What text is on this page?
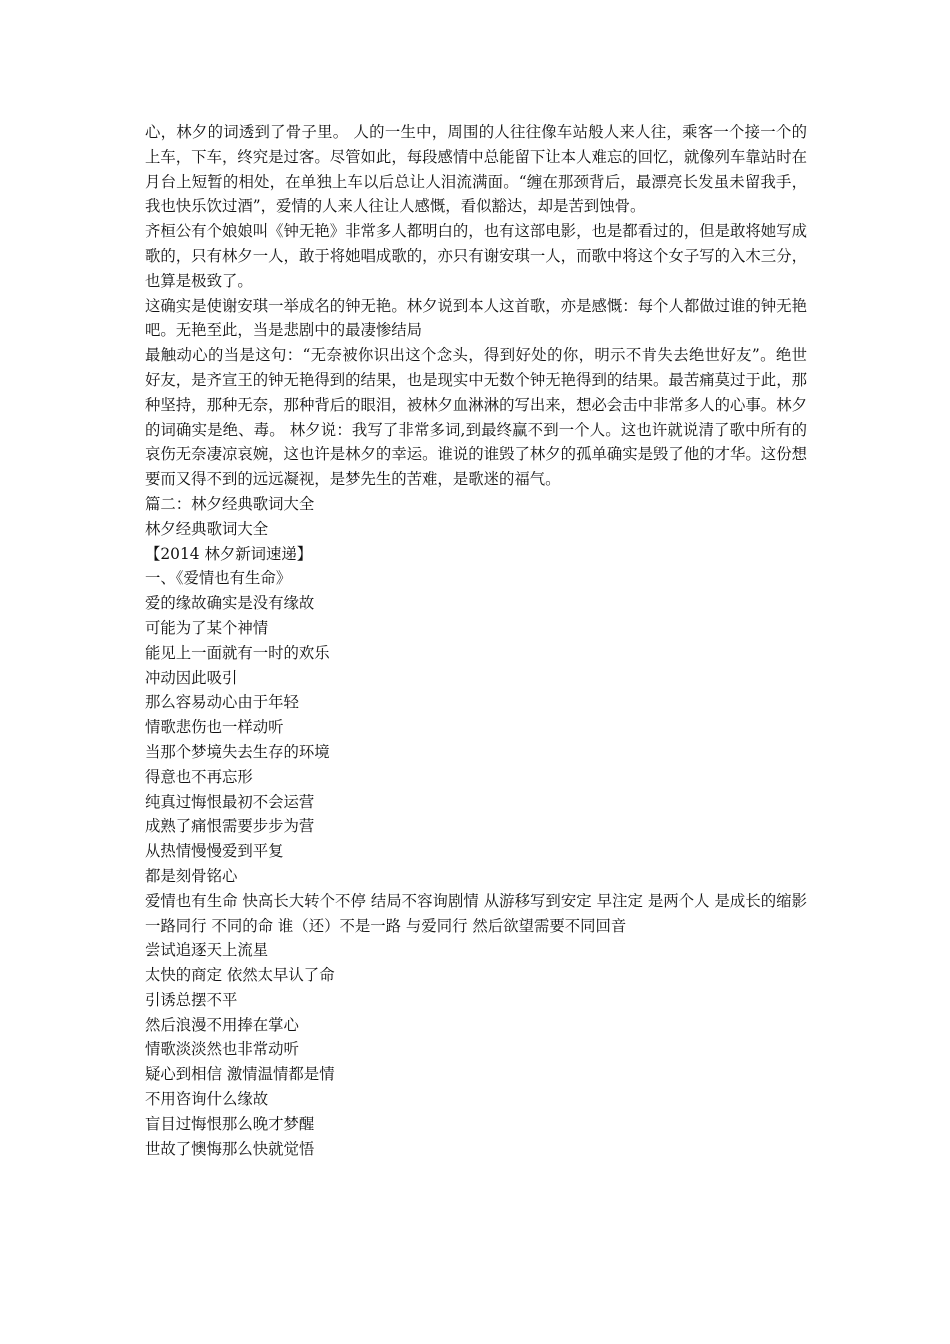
心，林夕的词透到了骨子里。 人的一生中，周围的人往往像车站般人来人往，乘客一个接一个的上车，下车，终究是过客。尽管如此，每段感情中总能留下让本人难忘的回忆，就像列车靠站时在月台上短暂的相处，在单独上车以后总让人泪流满面。“缠在那颈背后，最漂亮长发虽未留我手，我也快乐饮过酒”，爱情的人来人往让人感慨，看似豁达，却是苦到蚀骨。

齐桓公有个娘娘叫《钟无艳》非常多人都明白的，也有这部电影，也是都看过的，但是敢将她写成歌的，只有林夕一人，敢于将她唱成歌的，亦只有谢安琪一人，而歌中将这个女子写的入木三分，也算是极致了。

这确实是使谢安琪一举成名的钟无艳。林夕说到本人这首歌，亦是感慨：每个人都做过谁的钟无艳吧。无艳至此，当是悲剧中的最凄惨结局

最触动心的当是这句：“无奈被你识出这个念头，得到好处的你，明示不肯失去绝世好友”。绝世好友，是齐宣王的钟无艳得到的结果，也是现实中无数个钟无艳得到的结果。最苦痛莫过于此，那种坚持，那种无奈，那种背后的眼泪，被林夕血淋淋的写出来，想必会击中非常多人的心事。林夕的词确实是绝、毒。 林夕说：我写了非常多词,到最终赢不到一个人。这也许就说清了歌中所有的哀伤无奈凄凉哀婉，这也许是林夕的幸运。谁说的谁毁了林夕的孤单确实是毁了他的才华。这份想要而又得不到的远远凝视，是梦先生的苦难，是歌迷的福气。

篇二：林夕经典歌词大全

林夕经典歌词大全

【2014 林夕新词速递】

一、《爱情也有生命》

爱的缘故确实是没有缘故

可能为了某个神情

能见上一面就有一时的欢乐

冲动因此吸引

那么容易动心由于年轻

情歌悲伤也一样动听

当那个梦境失去生存的环境

得意也不再忘形

纯真过悔恨最初不会运营

成熟了痛恨需要步步为营

从热情慢慢爱到平复

都是刻骨铭心

爱情也有生命 快高长大转个不停 结局不容询剧情 从游移写到安定 早注定 是两个人 是成长的缩影 一路同行 不同的命 谁（还）不是一路 与爱同行 然后欲望需要不同回音

尝试追逐天上流星

太快的商定 依然太早认了命

引诱总摆不平

然后浪漫不用捧在掌心

情歌淡淡然也非常动听

疑心到相信 激情温情都是情

不用咨询什么缘故

盲目过悔恨那么晚才梦醒

世故了懊悔那么快就觉悟
